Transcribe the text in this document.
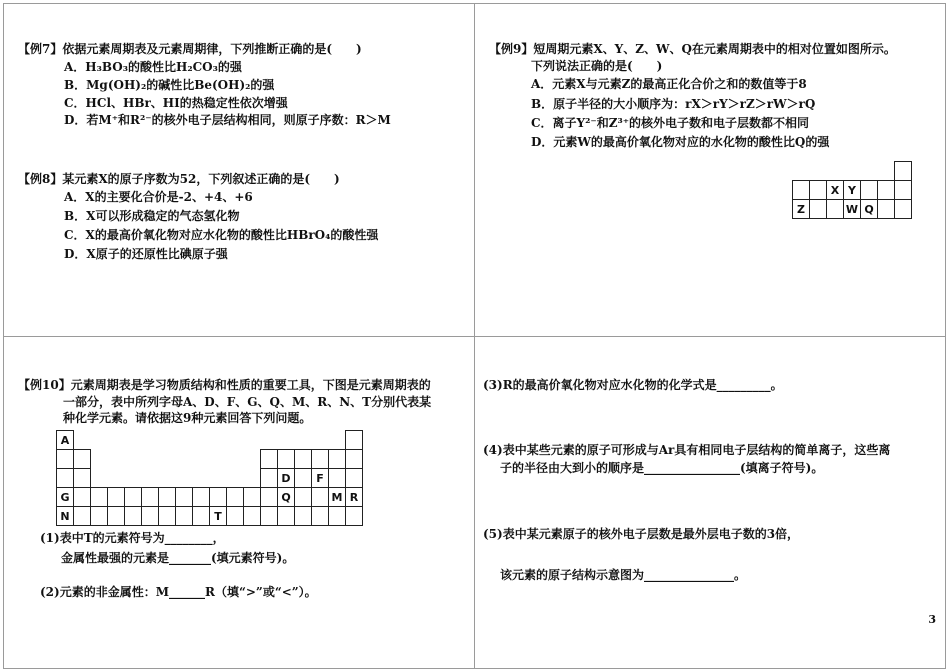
【例7】依据元素周期表及元素周期律，下列推断正确的是(　　)
A．H₃BO₃的酸性比H₂CO₃的强
B．Mg(OH)₂的碱性比Be(OH)₂的强
C．HCl、HBr、HI的热稳定性依次增强
D．若M⁺和R²⁻的核外电子层结构相同，则原子序数：R＞M
【例8】某元素X的原子序数为52，下列叙述正确的是(　　)
A．X的主要化合价是-2、+4、+6
B．X可以形成稳定的气态氢化物
C．X的最高价氧化物对应水化物的酸性比HBrO₄的酸性强
D．X原子的还原性比碘原子强
【例9】短周期元素X、Y、Z、W、Q在元素周期表中的相对位置如图所示。
下列说法正确的是(　　)
A．元素X与元素Z的最高正化合价之和的数值等于8
B．原子半径的大小顺序为：rX＞rY＞rZ＞rW＞rQ
C．离子Y²⁻和Z³⁺的核外电子数和电子层数都不相同
D．元素W的最高价氧化物对应的水化物的酸性比Q的强

		X	Y			
Z			W	Q		
【例10】元素周期表是学习物质结构和性质的重要工具，下图是元素周期表的
一部分，表中所列字母A、D、F、G、Q、M、R、N、T分别代表某
种化学元素。请依据这9种元素回答下列问题。
A																	

													D		F		
G													Q			M	R
N									T								
(1)表中T的元素符号为________，
金属性最强的元素是_______(填元素符号)。
(2)元素的非金属性：M______R（填“>”或“<”）。
(3)R的最高价氧化物对应水化物的化学式是_________。
(4)表中某些元素的原子可形成与Ar具有相同电子层结构的简单离子，这些离
子的半径由大到小的顺序是________________(填离子符号)。
(5)表中某元素原子的核外电子层数是最外层电子数的3倍，
该元素的原子结构示意图为_______________。
3
